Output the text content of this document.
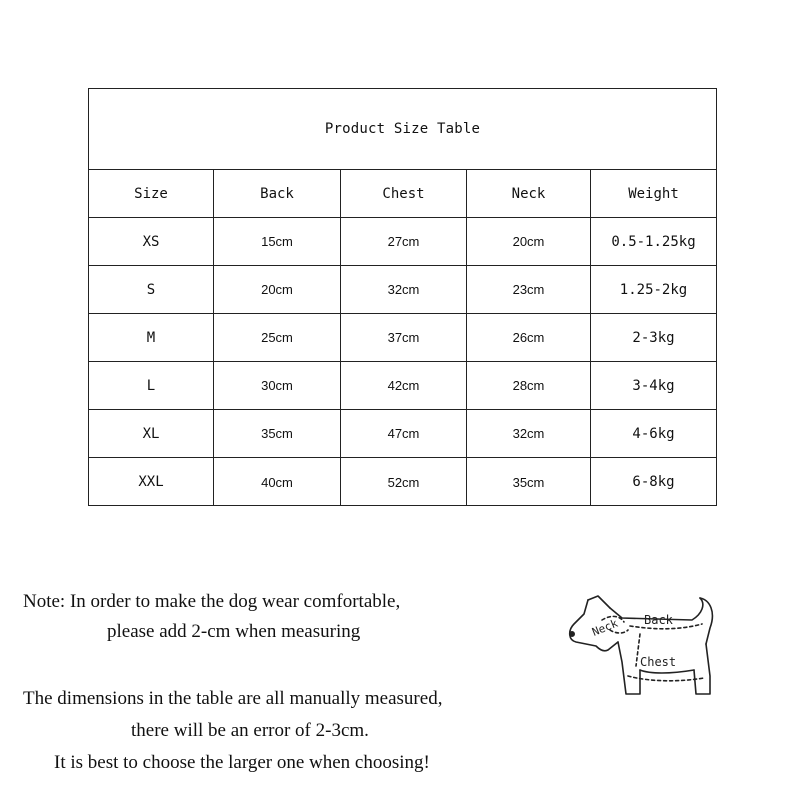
Product Size Table
Size	Back	Chest	Neck	Weight
XS	15cm	27cm	20cm	0.5-1.25kg
S	20cm	32cm	23cm	1.25-2kg
M	25cm	37cm	26cm	2-3kg
L	30cm	42cm	28cm	3-4kg
XL	35cm	47cm	32cm	4-6kg
XXL	40cm	52cm	35cm	6-8kg
Note: In order to make the dog wear comfortable,
please add 2-cm when measuring
The dimensions in the table are all manually measured,
there will be an error of 2-3cm.
It is best to choose the larger one when choosing!
Neck Back
Chest
